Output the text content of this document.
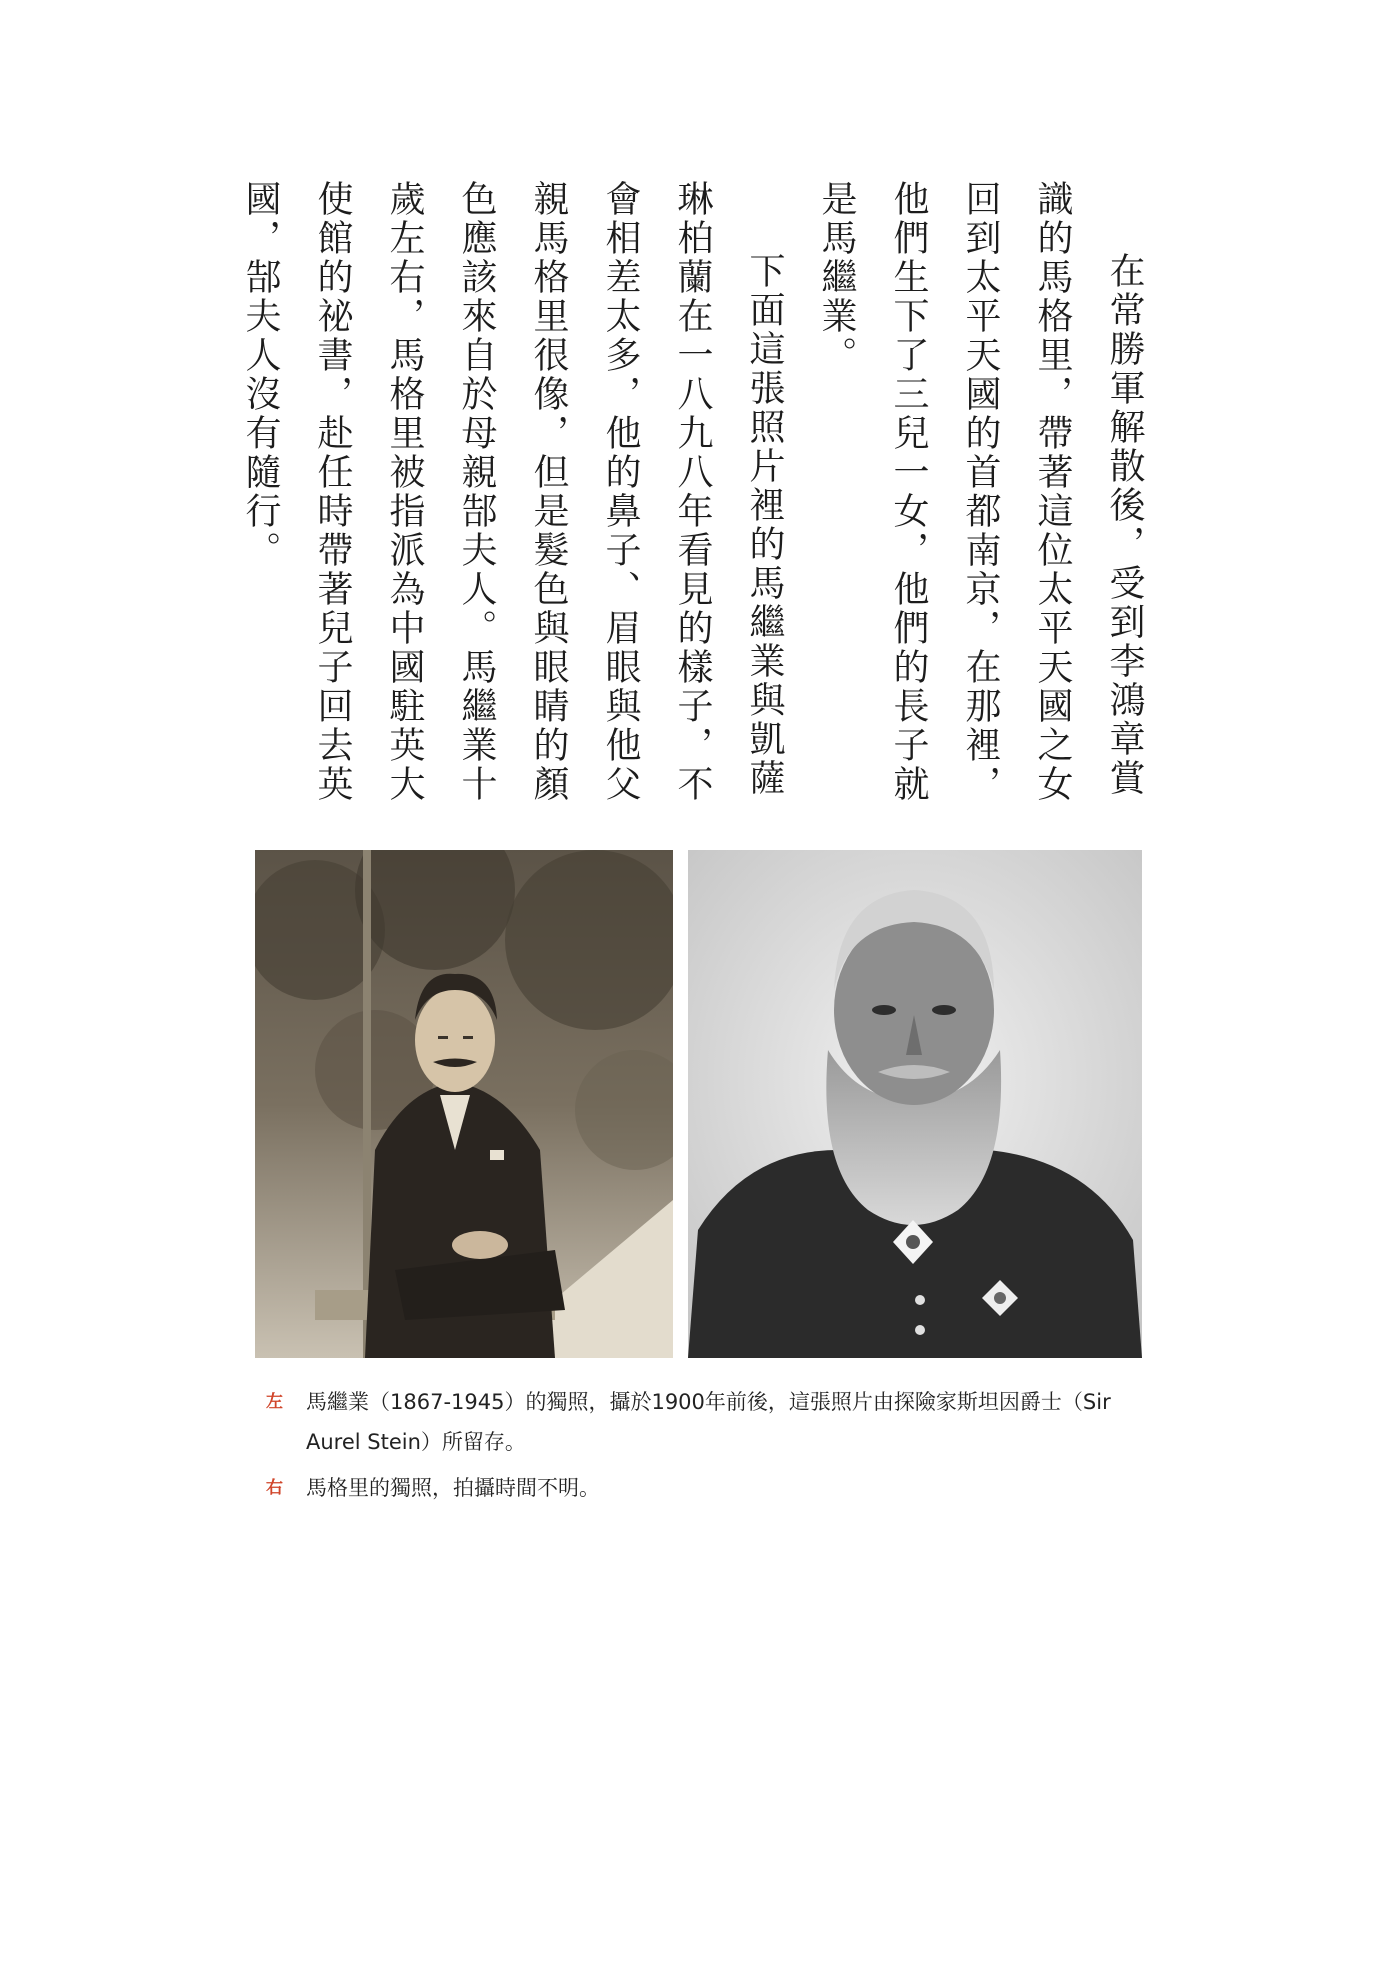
在常勝軍解散後，受到李鴻章賞識的馬格里，帶著這位太平天國之女回到太平天國的首都南京，在那裡，他們生下了三兒一女，他們的長子就是馬繼業。

下面這張照片裡的馬繼業與凱薩琳柏蘭在一八九八年看見的樣子，不會相差太多，他的鼻子、眉眼與他父親馬格里很像，但是髮色與眼睛的顏色應該來自於母親郜夫人。馬繼業十歲左右，馬格里被指派為中國駐英大使館的祕書，赴任時帶著兒子回去英國，郜夫人沒有隨行。

左 馬繼業（1867-1945）的獨照，攝於1900年前後，這張照片由探險家斯坦因爵士（Sir Aurel Stein）所留存。
右 馬格里的獨照，拍攝時間不明。
